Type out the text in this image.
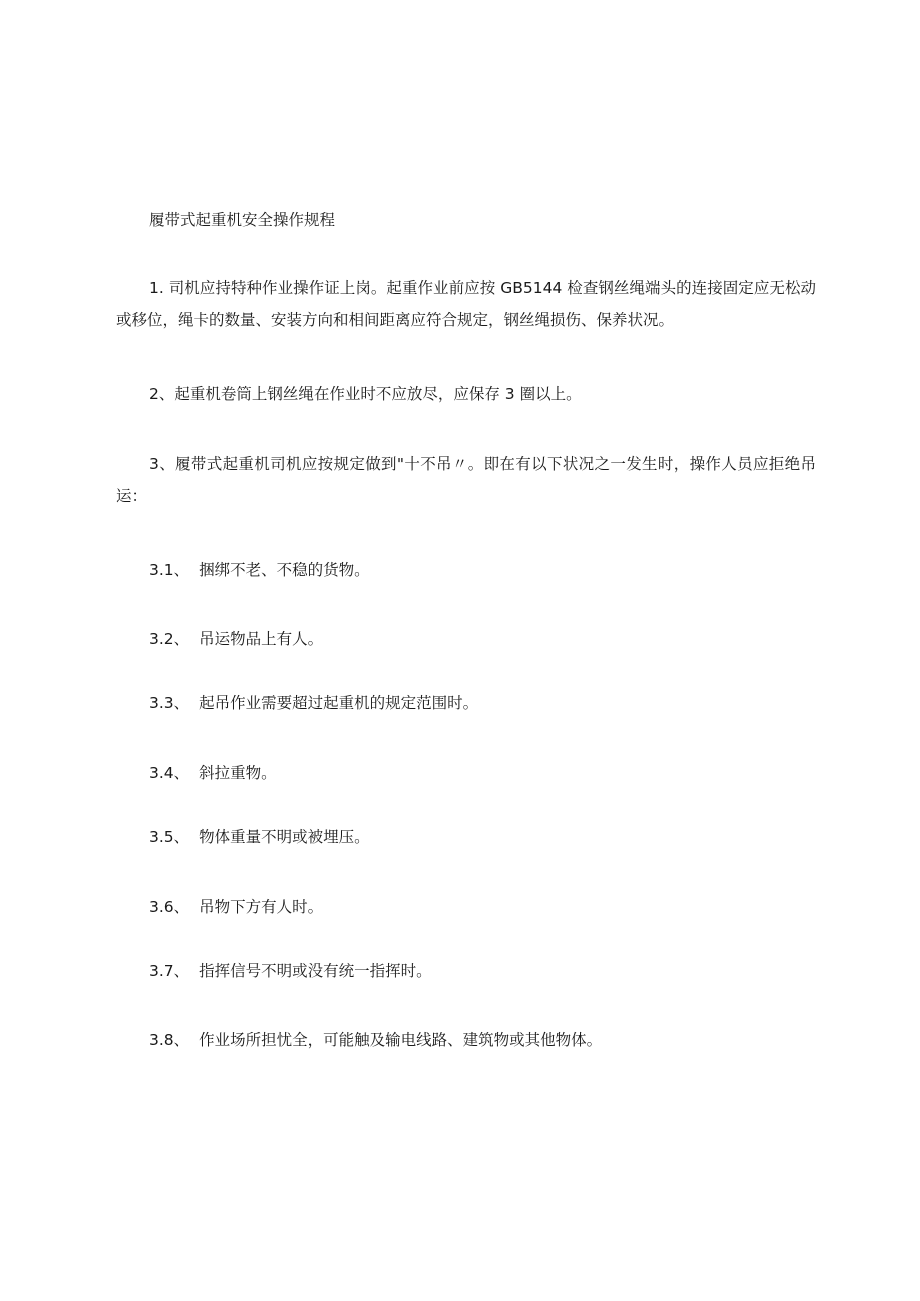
履带式起重机安全操作规程
1. 司机应持特种作业操作证上岗。起重作业前应按 GB5144 检查钢丝绳端头的连接固定应无松动或移位，绳卡的数量、安装方向和相间距离应符合规定，钢丝绳损伤、保养状况。
2、起重机卷筒上钢丝绳在作业时不应放尽，应保存 3 圈以上。
3、履带式起重机司机应按规定做到"十不吊〃。即在有以下状况之一发生时，操作人员应拒绝吊运：
3.1、 捆绑不老、不稳的货物。
3.2、 吊运物品上有人。
3.3、 起吊作业需要超过起重机的规定范围时。
3.4、 斜拉重物。
3.5、 物体重量不明或被埋压。
3.6、 吊物下方有人时。
3.7、 指挥信号不明或没有统一指挥时。
3.8、 作业场所担忧全，可能触及输电线路、建筑物或其他物体。
